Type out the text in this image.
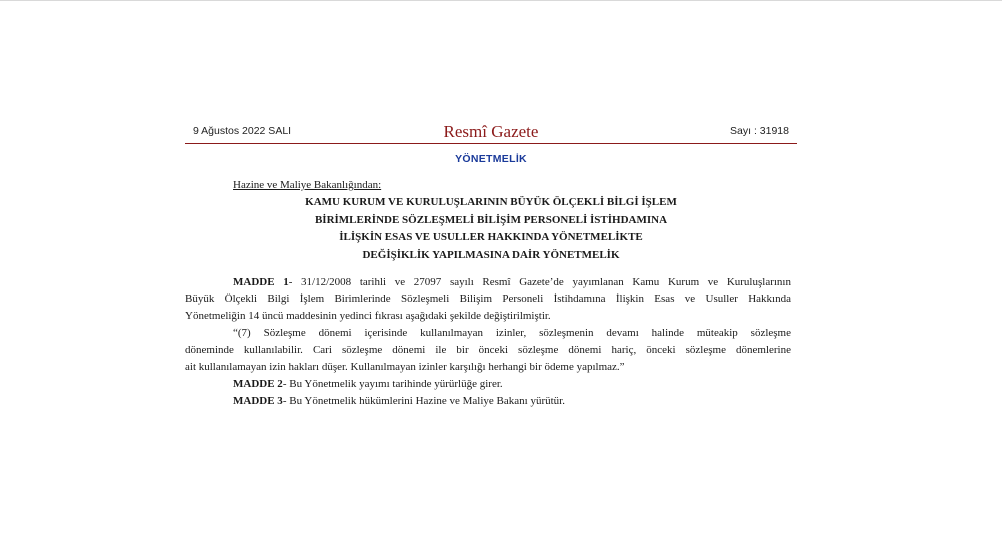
9 Ağustos 2022 SALI	Resmî Gazete	Sayı : 31918
YÖNETMELİK
Hazine ve Maliye Bakanlığından:
KAMU KURUM VE KURULUŞLARININ BÜYÜK ÖLÇEKLİ BİLGİ İŞLEM
BİRİMLERİNDE SÖZLEŞMELİ BİLİŞİM PERSONELİ İSTİHDAMINA
İLİŞKİN ESAS VE USULLER HAKKINDA YÖNETMELİKTE
DEĞİŞİKLİK YAPILMASINA DAİR YÖNETMELİK
MADDE 1- 31/12/2008 tarihli ve 27097 sayılı Resmî Gazete’de yayımlanan Kamu Kurum ve Kuruluşlarının
Büyük Ölçekli Bilgi İşlem Birimlerinde Sözleşmeli Bilişim Personeli İstihdamına İlişkin Esas ve Usuller Hakkında
Yönetmeliğin 14 üncü maddesinin yedinci fıkrası aşağıdaki şekilde değiştirilmiştir.
“(7) Sözleşme dönemi içerisinde kullanılmayan izinler, sözleşmenin devamı halinde müteakip sözleşme
döneminde kullanılabilir. Cari sözleşme dönemi ile bir önceki sözleşme dönemi hariç, önceki sözleşme dönemlerine
ait kullanılamayan izin hakları düşer. Kullanılmayan izinler karşılığı herhangi bir ödeme yapılmaz.”
MADDE 2- Bu Yönetmelik yayımı tarihinde yürürlüğe girer.
MADDE 3- Bu Yönetmelik hükümlerini Hazine ve Maliye Bakanı yürütür.
